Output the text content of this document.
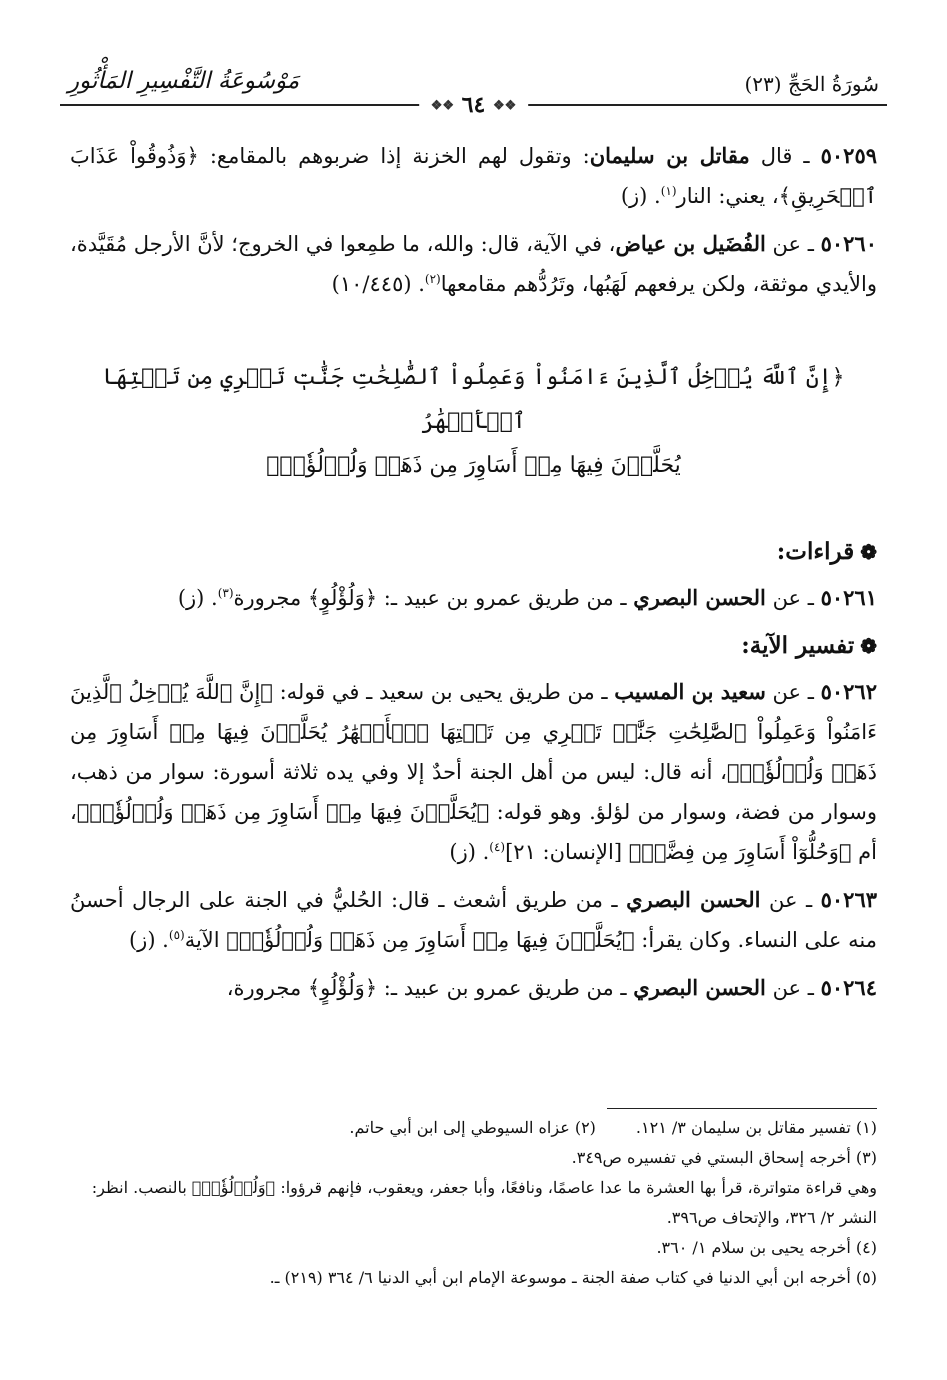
سُورَةُ الحَجِّ (٢٣)
مَوْسُوعَةُ التَّفْسِيرِ المَأْثُورِ
❖❖ ٦٤ ❖❖

٥٠٢٥٩ ـ قال مقاتل بن سليمان: وتقول لهم الخزنة إذا ضربوهم بالمقامع: ﴿وَذُوقُواْ عَذَابَ ٱلۡحَرِيقِ﴾، يعني: النار$^{(١)}$. (ز)

٥٠٢٦٠ ـ عن الفُضَيل بن عياض، في الآية، قال: والله، ما طمِعوا في الخروج؛ لأنَّ الأرجل مُقَيَّدة، والأيدي موثقة، ولكن يرفعهم لَهَبُها، وتَرُدُّهم مقامعها$^{(٢)}$. (١٠/٤٤٥)

﴿إِنَّ ٱللَّهَ يُدۡخِلُ ٱلَّذِينَ ءَامَنُواْ وَعَمِلُواْ ٱلصَّٰلِحَٰتِ جَنَّٰتٖ تَجۡرِي مِن تَحۡتِهَا ٱلۡأَنۡهَٰرُ
يُحَلَّوۡنَ فِيهَا مِنۡ أَسَاوِرَ مِن ذَهَبٖ وَلُؤۡلُؤٗاۖ﴾
❁قراءات:

٥٠٢٦١ ـ عن الحسن البصري ـ من طريق عمرو بن عبيد ـ: ﴿وَلُؤْلُوٍ﴾ مجرورة$^{(٣)}$. (ز)

❁تفسير الآية:

٥٠٢٦٢ ـ عن سعيد بن المسيب ـ من طريق يحيى بن سعيد ـ في قوله: ﴿إِنَّ ٱللَّهَ يُدۡخِلُ ٱلَّذِينَ ءَامَنُواْ وَعَمِلُواْ ٱلصَّٰلِحَٰتِ جَنَّٰتٖ تَجۡرِي مِن تَحۡتِهَا ٱلۡأَنۡهَٰرُ يُحَلَّوۡنَ فِيهَا مِنۡ أَسَاوِرَ مِن ذَهَبٖ وَلُؤۡلُؤٗاۖ﴾، أنه قال: ليس من أهل الجنة أحدٌ إلا وفي يده ثلاثة أسورة: سوار من ذهب، وسوار من فضة، وسوار من لؤلؤ. وهو قوله: ﴿يُحَلَّوۡنَ فِيهَا مِنۡ أَسَاوِرَ مِن ذَهَبٖ وَلُؤۡلُؤٗاۖ﴾، أم ﴿وَحُلُّوٓاْ أَسَاوِرَ مِن فِضَّةٖ﴾ [الإنسان: ٢١]$^{(٤)}$. (ز)

٥٠٢٦٣ ـ عن الحسن البصري ـ من طريق أشعث ـ قال: الحُليُّ في الجنة على الرجال أحسنُ منه على النساء. وكان يقرأ: ﴿يُحَلَّوۡنَ فِيهَا مِنۡ أَسَاوِرَ مِن ذَهَبٖ وَلُؤۡلُؤٗاۖ﴾ الآية$^{(٥)}$. (ز)

٥٠٢٦٤ ـ عن الحسن البصري ـ من طريق عمرو بن عبيد ـ: ﴿وَلُؤْلُوٍ﴾ مجرورة،

(١) تفسير مقاتل بن سليمان ٣/ ١٢١.

(٢) عزاه السيوطي إلى ابن أبي حاتم.

(٣) أخرجه إسحاق البستي في تفسيره ص٣٤٩.

وهي قراءة متواترة، قرأ بها العشرة ما عدا عاصمًا، ونافعًا، وأبا جعفر، ويعقوب، فإنهم قرؤوا: ﴿وَلُؤۡلُؤٗاۖ﴾ بالنصب. انظر: النشر ٢/ ٣٢٦، والإتحاف ص٣٩٦.

(٤) أخرجه يحيى بن سلام ١/ ٣٦٠.

(٥) أخرجه ابن أبي الدنيا في كتاب صفة الجنة ـ موسوعة الإمام ابن أبي الدنيا ٦/ ٣٦٤ (٢١٩) ـ.
